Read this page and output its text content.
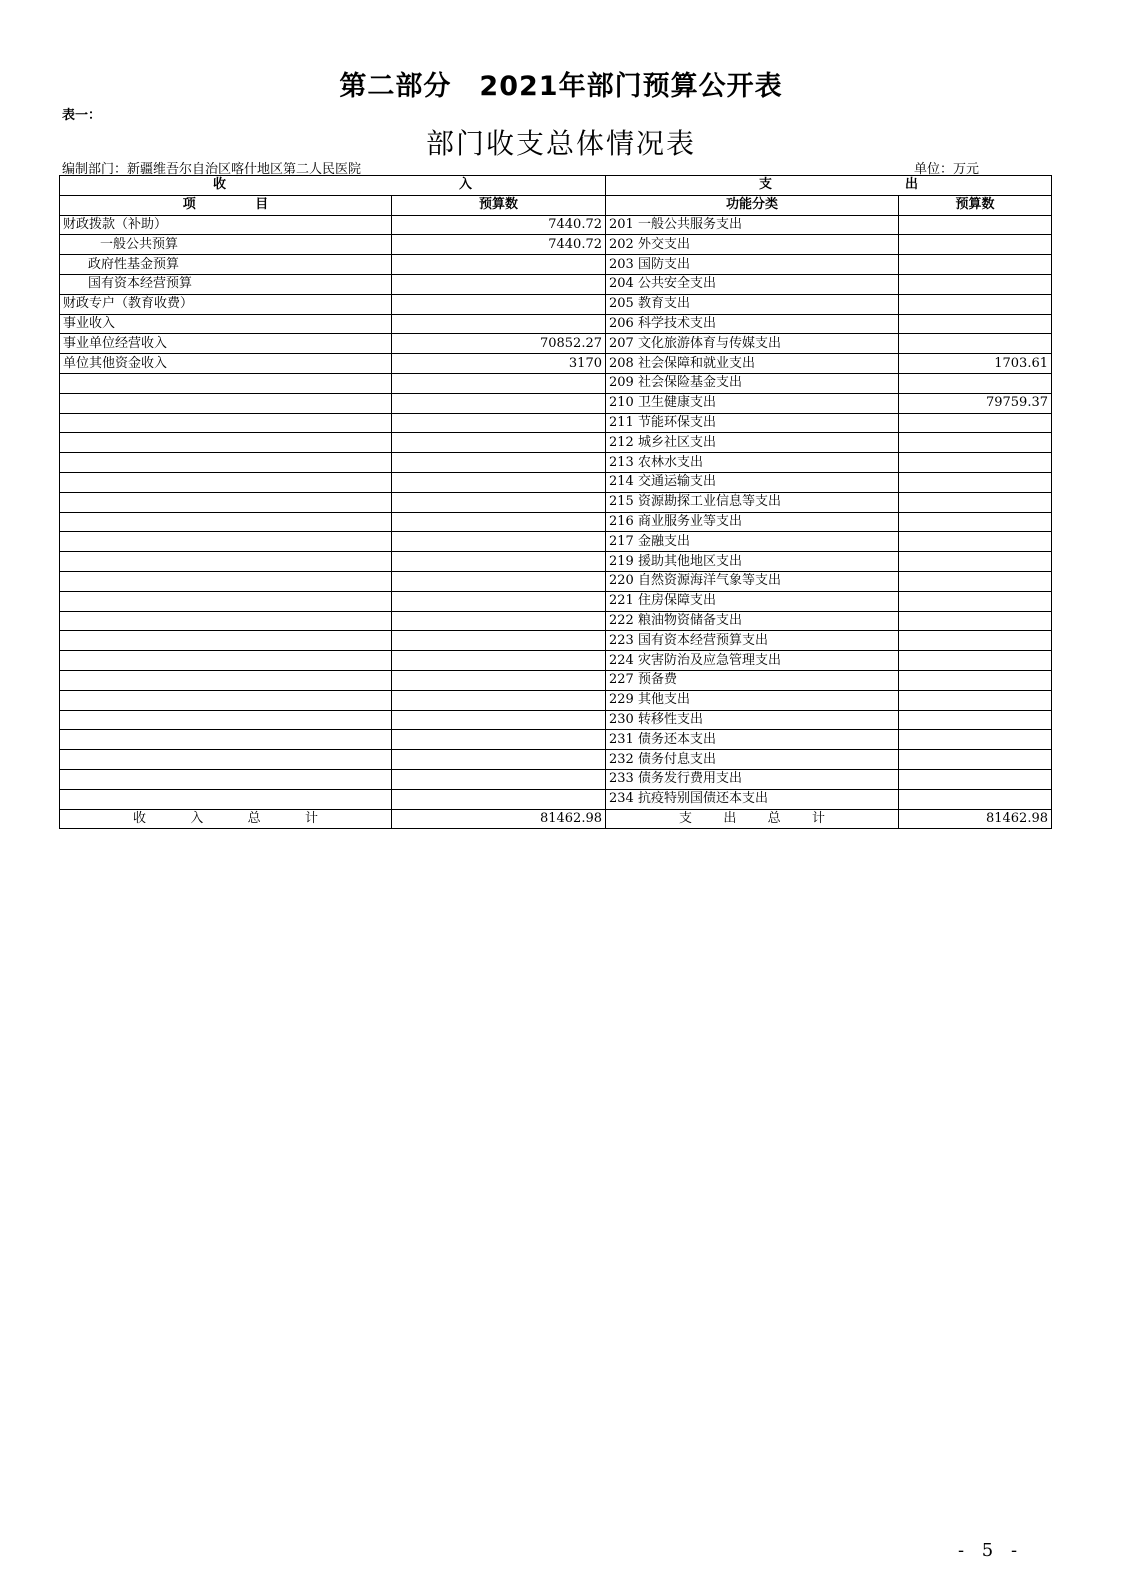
第二部分　2021年部门预算公开表
表一：
部门收支总体情况表
编制部门：新疆维吾尔自治区喀什地区第二人民医院	单位：万元
收 入		支 出	

项 目	预算数	功能分类	预算数
财政拨款（补助）	7440.72	201 一般公共服务支出	
一般公共预算	7440.72	202 外交支出	
政府性基金预算		203 国防支出	
国有资本经营预算		204 公共安全支出	
财政专户（教育收费）		205 教育支出	
事业收入		206 科学技术支出	
事业单位经营收入	70852.27	207 文化旅游体育与传媒支出	
单位其他资金收入	3170	208 社会保障和就业支出	1703.61
		209 社会保险基金支出	
		210 卫生健康支出	79759.37
		211 节能环保支出	
		212 城乡社区支出	
		213 农林水支出	
		214 交通运输支出	
		215 资源勘探工业信息等支出	
		216 商业服务业等支出	
		217 金融支出	
		219 援助其他地区支出	
		220 自然资源海洋气象等支出	
		221 住房保障支出	
		222 粮油物资储备支出	
		223 国有资本经营预算支出	
		224 灾害防治及应急管理支出	
		227 预备费	
		229 其他支出	
		230 转移性支出	
		231 债务还本支出	
		232 债务付息支出	
		233 债务发行费用支出	
		234 抗疫特别国债还本支出	

收 入 总 计	81462.98	支 出 总 计	81462.98
- 5 -
